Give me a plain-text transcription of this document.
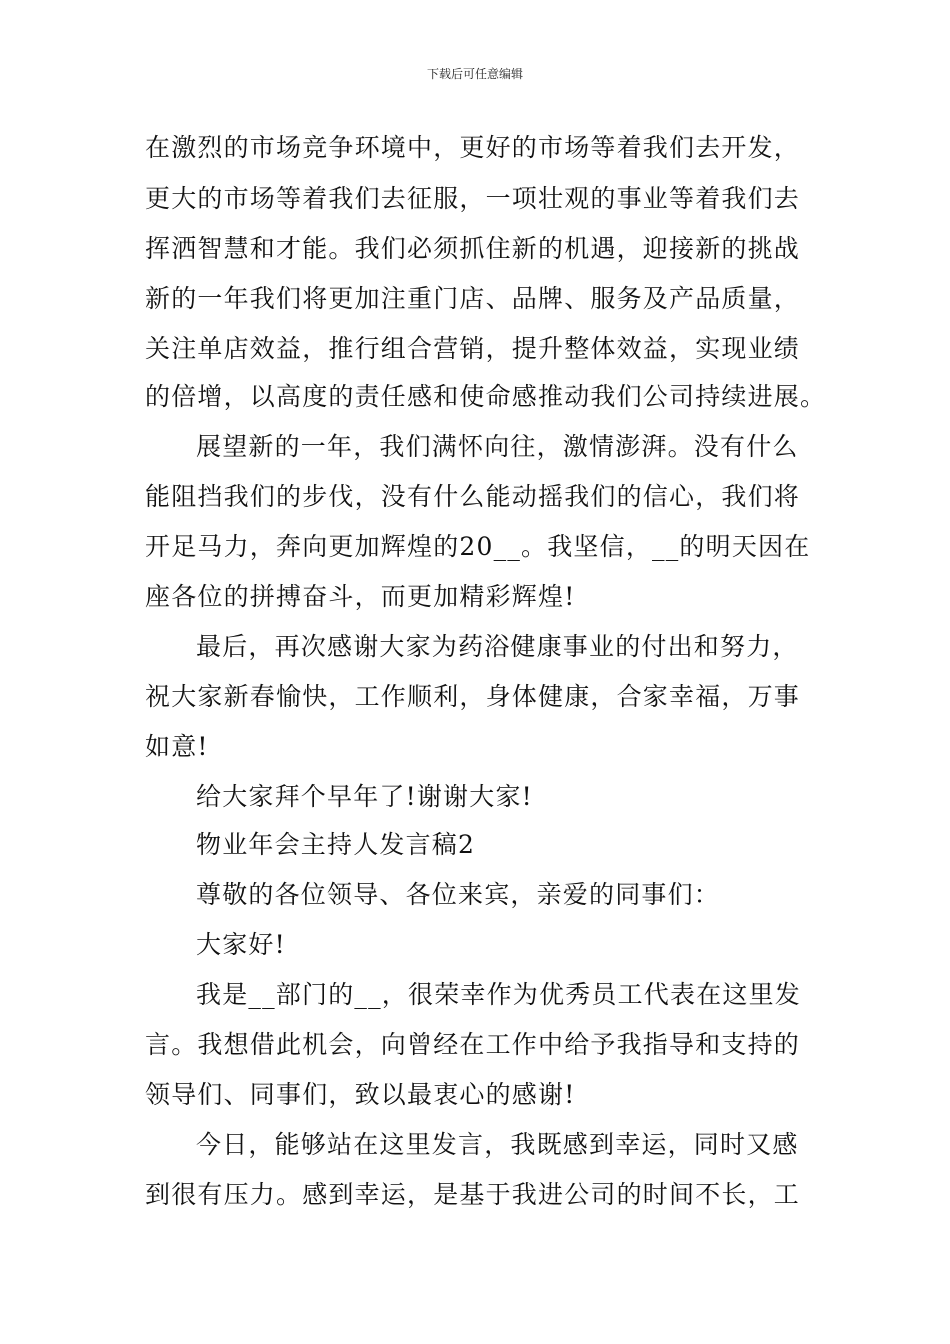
下载后可任意编辑
在激烈的市场竞争环境中，更好的市场等着我们去开发，
更大的市场等着我们去征服，一项壮观的事业等着我们去
挥洒智慧和才能。我们必须抓住新的机遇，迎接新的挑战
新的一年我们将更加注重门店、品牌、服务及产品质量，
关注单店效益，推行组合营销，提升整体效益，实现业绩
的倍增，以高度的责任感和使命感推动我们公司持续进展。
展望新的一年，我们满怀向往，激情澎湃。没有什么
能阻挡我们的步伐，没有什么能动摇我们的信心，我们将
开足马力，奔向更加辉煌的20__。我坚信，__的明天因在
座各位的拼搏奋斗，而更加精彩辉煌!
最后，再次感谢大家为药浴健康事业的付出和努力，
祝大家新春愉快，工作顺利，身体健康，合家幸福，万事
如意!
给大家拜个早年了!谢谢大家!
物业年会主持人发言稿2
尊敬的各位领导、各位来宾，亲爱的同事们：
大家好!
我是__部门的__，很荣幸作为优秀员工代表在这里发
言。我想借此机会，向曾经在工作中给予我指导和支持的
领导们、同事们，致以最衷心的感谢!
今日，能够站在这里发言，我既感到幸运，同时又感
到很有压力。感到幸运，是基于我进公司的时间不长，工
